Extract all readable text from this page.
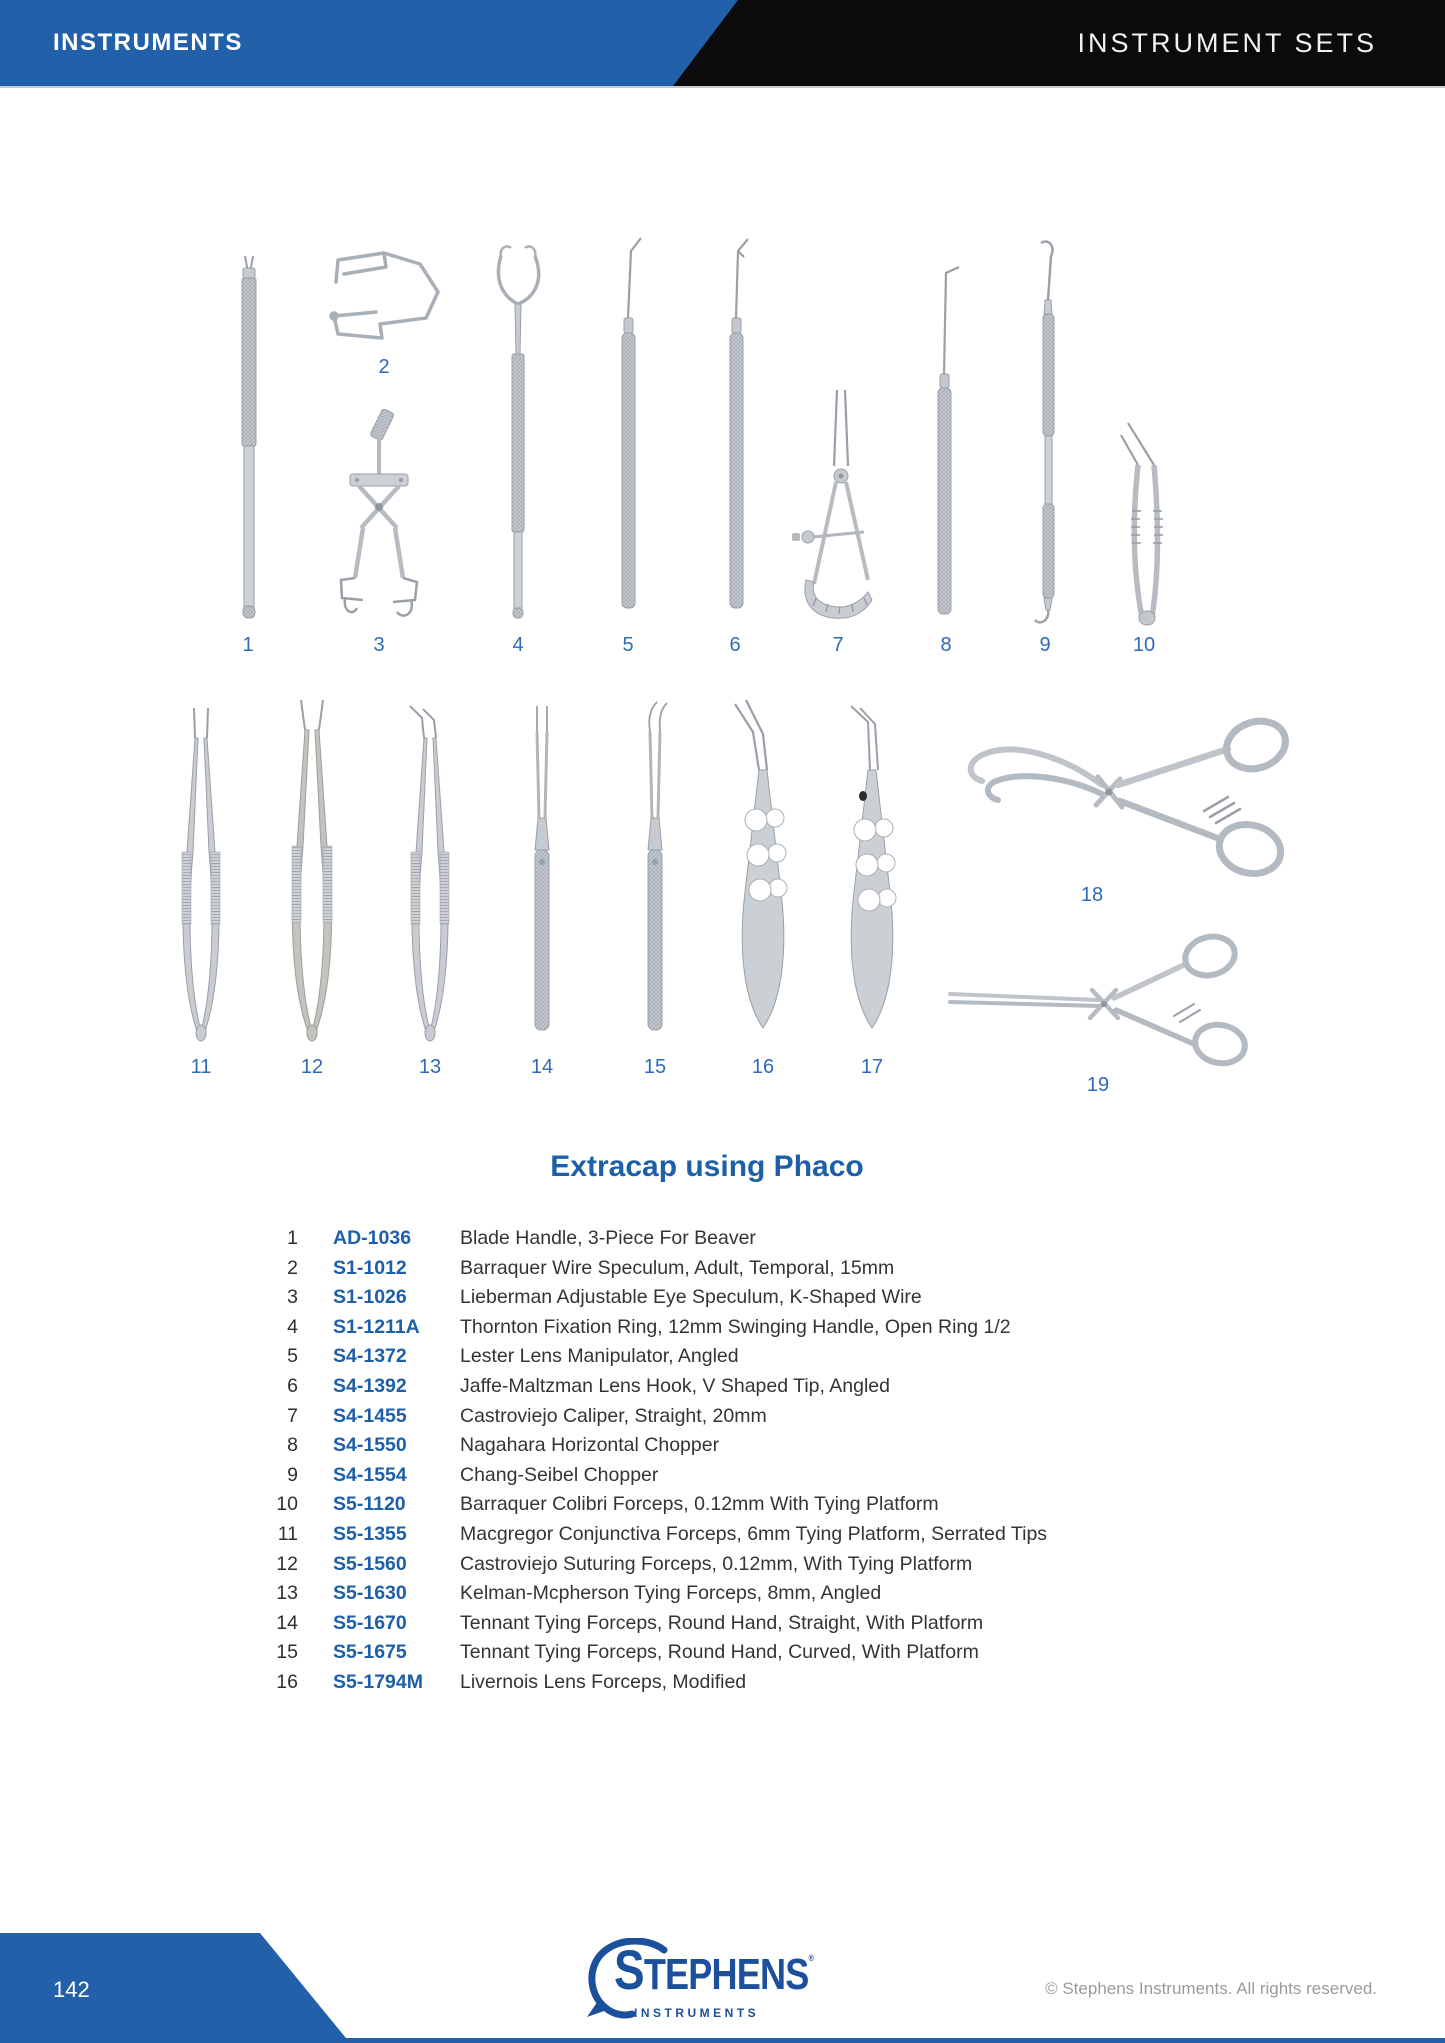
INSTRUMENTS	INSTRUMENT SETS
1
2
3	4	5	6	7	8	9	10
11	12	13	14	15	16	17
18
19
Extracap using Phaco
1 AD-1036	Blade Handle, 3-Piece For Beaver
2 S1-1012	Barraquer Wire Speculum, Adult, Temporal, 15mm
3 S1-1026	Lieberman Adjustable Eye Speculum, K-Shaped Wire
4 S1-1211A	Thornton Fixation Ring, 12mm Swinging Handle, Open Ring 1/2
5 S4-1372	Lester Lens Manipulator, Angled
6 S4-1392	Jaffe-Maltzman Lens Hook, V Shaped Tip, Angled
7 S4-1455	Castroviejo Caliper, Straight, 20mm
8 S4-1550	Nagahara Horizontal Chopper
9 S4-1554	Chang-Seibel Chopper
10 S5-1120	Barraquer Colibri Forceps, 0.12mm With Tying Platform
11 S5-1355	Macgregor Conjunctiva Forceps, 6mm Tying Platform, Serrated Tips
12 S5-1560	Castroviejo Suturing Forceps, 0.12mm, With Tying Platform
13 S5-1630	Kelman-Mcpherson Tying Forceps, 8mm, Angled
14 S5-1670	Tennant Tying Forceps, Round Hand, Straight, With Platform
15 S5-1675	Tennant Tying Forceps, Round Hand, Curved, With Platform
16 S5-1794M	Livernois Lens Forceps, Modified
142	STEPHENS®
INSTRUMENTS
© Stephens Instruments. All rights reserved.
